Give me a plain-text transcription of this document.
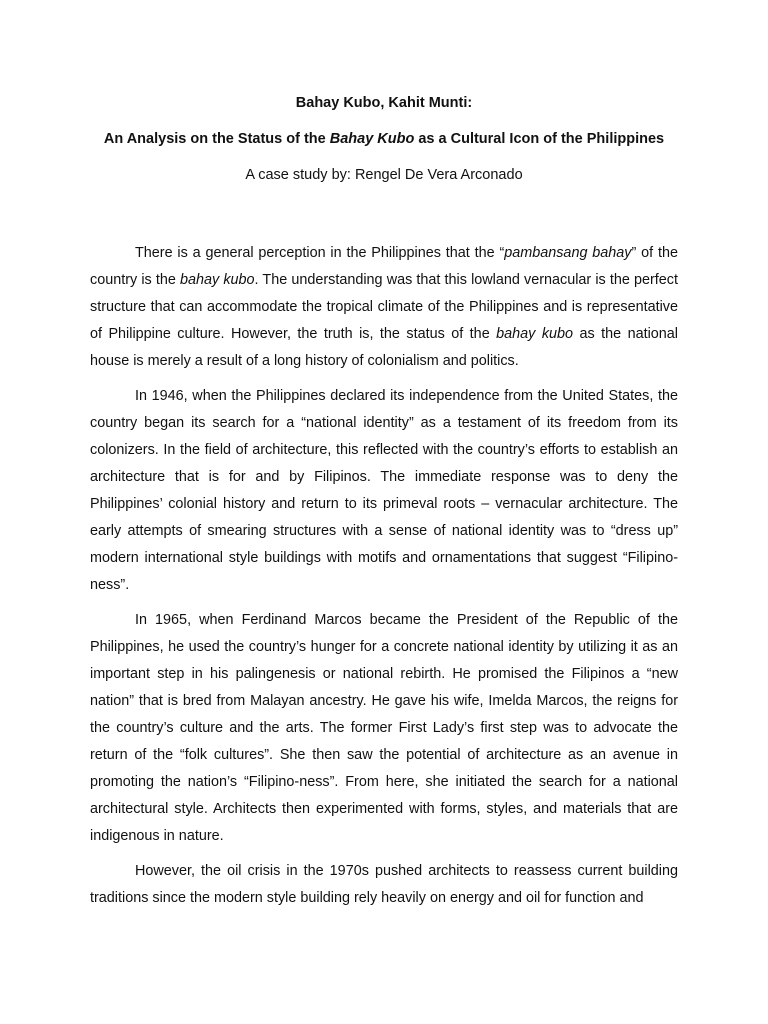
Bahay Kubo, Kahit Munti:

An Analysis on the Status of the Bahay Kubo as a Cultural Icon of the Philippines

A case study by: Rengel De Vera Arconado

There is a general perception in the Philippines that the “pambansang bahay” of the country is the bahay kubo. The understanding was that this lowland vernacular is the perfect structure that can accommodate the tropical climate of the Philippines and is representative of Philippine culture. However, the truth is, the status of the bahay kubo as the national house is merely a result of a long history of colonialism and politics.

In 1946, when the Philippines declared its independence from the United States, the country began its search for a “national identity” as a testament of its freedom from its colonizers. In the field of architecture, this reflected with the country’s efforts to establish an architecture that is for and by Filipinos. The immediate response was to deny the Philippines’ colonial history and return to its primeval roots – vernacular architecture. The early attempts of smearing structures with a sense of national identity was to “dress up” modern international style buildings with motifs and ornamentations that suggest “Filipino-ness”.

In 1965, when Ferdinand Marcos became the President of the Republic of the Philippines, he used the country’s hunger for a concrete national identity by utilizing it as an important step in his palingenesis or national rebirth. He promised the Filipinos a “new nation” that is bred from Malayan ancestry. He gave his wife, Imelda Marcos, the reigns for the country’s culture and the arts. The former First Lady’s first step was to advocate the return of the “folk cultures”. She then saw the potential of architecture as an avenue in promoting the nation’s “Filipino-ness”. From here, she initiated the search for a national architectural style. Architects then experimented with forms, styles, and materials that are indigenous in nature.

However, the oil crisis in the 1970s pushed architects to reassess current building traditions since the modern style building rely heavily on energy and oil for function and
